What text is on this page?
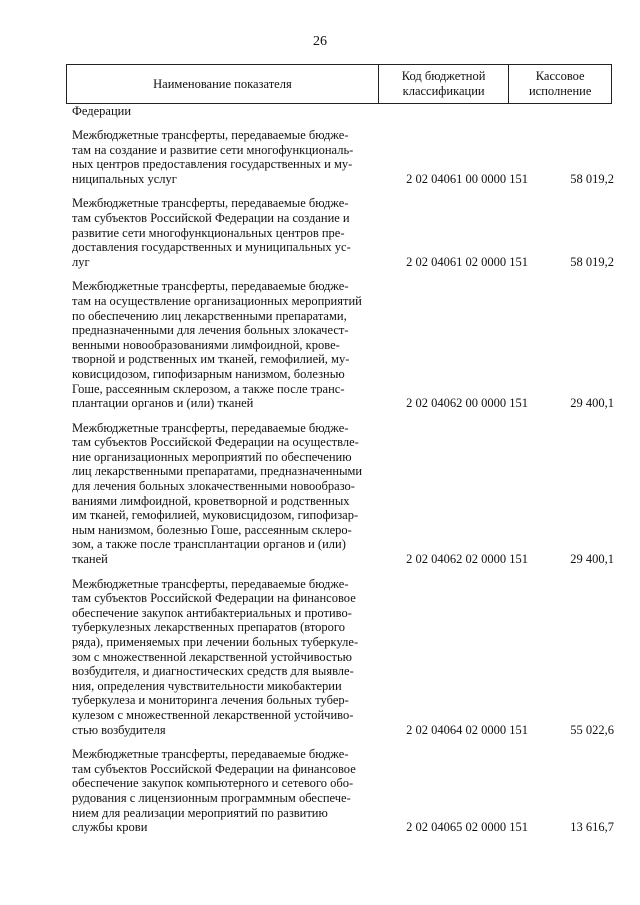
26
Наименование показателя
Код бюджетной
классификации
Кассовое
исполнение
Федерации
Межбюджетные трансферты, передаваемые бюдже-
там на создание и развитие сети многофункциональ-
ных центров предоставления государственных и му-
ниципальных услуг	2 02 04061 00 0000 151	58 019,2
Межбюджетные трансферты, передаваемые бюдже-
там субъектов Российской Федерации на создание и
развитие сети многофункциональных центров пре-
доставления государственных и муниципальных ус-
луг	2 02 04061 02 0000 151	58 019,2
Межбюджетные трансферты, передаваемые бюдже-
там на осуществление организационных мероприятий
по обеспечению лиц лекарственными препаратами,
предназначенными для лечения больных злокачест-
венными новообразованиями лимфоидной, крове-
творной и родственных им тканей, гемофилией, му-
ковисцидозом, гипофизарным нанизмом, болезнью
Гоше, рассеянным склерозом, а также после транс-
плантации органов и (или) тканей	2 02 04062 00 0000 151	29 400,1
Межбюджетные трансферты, передаваемые бюдже-
там субъектов Российской Федерации на осуществле-
ние организационных мероприятий по обеспечению
лиц лекарственными препаратами, предназначенными
для лечения больных злокачественными новообразо-
ваниями лимфоидной, кроветворной и родственных
им тканей, гемофилией, муковисцидозом, гипофизар-
ным нанизмом, болезнью Гоше, рассеянным склеро-
зом, а также после трансплантации органов и (или)
тканей	2 02 04062 02 0000 151	29 400,1
Межбюджетные трансферты, передаваемые бюдже-
там субъектов Российской Федерации на финансовое
обеспечение закупок антибактериальных и противо-
туберкулезных лекарственных препаратов (второго
ряда), применяемых при лечении больных туберкуле-
зом с множественной лекарственной устойчивостью
возбудителя, и диагностических средств для выявле-
ния, определения чувствительности микобактерии
туберкулеза и мониторинга лечения больных тубер-
кулезом с множественной лекарственной устойчиво-
стью возбудителя	2 02 04064 02 0000 151	55 022,6
Межбюджетные трансферты, передаваемые бюдже-
там субъектов Российской Федерации на финансовое
обеспечение закупок компьютерного и сетевого обо-
рудования с лицензионным программным обеспече-
нием для реализации мероприятий по развитию
службы крови	2 02 04065 02 0000 151	13 616,7
